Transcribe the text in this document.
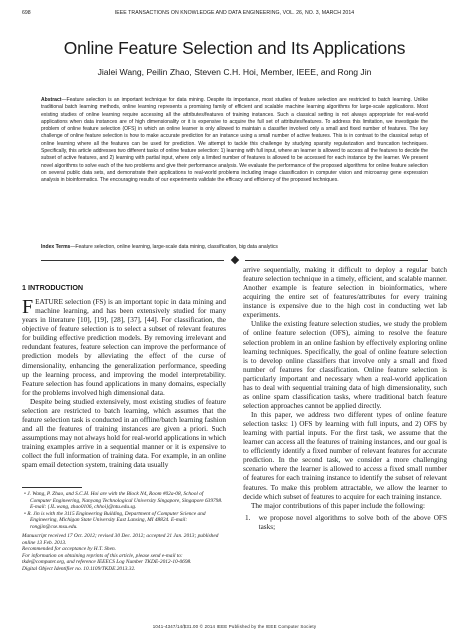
698	IEEE TRANSACTIONS ON KNOWLEDGE AND DATA ENGINEERING, VOL. 26, NO. 3, MARCH 2014
Online Feature Selection and Its Applications
Jialei Wang, Peilin Zhao, Steven C.H. Hoi, Member, IEEE, and Rong Jin
Abstract—Feature selection is an important technique for data mining. Despite its importance, most studies of feature selection are restricted to batch learning. Unlike traditional batch learning methods, online learning represents a promising family of efficient and scalable machine learning algorithms for large-scale applications. Most existing studies of online learning require accessing all the attributes/features of training instances. Such a classical setting is not always appropriate for real-world applications when data instances are of high dimensionality or it is expensive to acquire the full set of attributes/features. To address this limitation, we investigate the problem of online feature selection (OFS) in which an online learner is only allowed to maintain a classifier involved only a small and fixed number of features. The key challenge of online feature selection is how to make accurate prediction for an instance using a small number of active features. This is in contrast to the classical setup of online learning where all the features can be used for prediction. We attempt to tackle this challenge by studying sparsity regularization and truncation techniques. Specifically, this article addresses two different tasks of online feature selection: 1) learning with full input, where an learner is allowed to access all the features to decide the subset of active features, and 2) learning with partial input, where only a limited number of features is allowed to be accessed for each instance by the learner. We present novel algorithms to solve each of the two problems and give their performance analysis. We evaluate the performance of the proposed algorithms for online feature selection on several public data sets, and demonstrate their applications to real-world problems including image classification in computer vision and microarray gene expression analysis in bioinformatics. The encouraging results of our experiments validate the efficacy and efficiency of the proposed techniques.
Index Terms—Feature selection, online learning, large-scale data mining, classification, big data analytics
1 INTRODUCTION

FEATURE selection (FS) is an important topic in data mining and machine learning, and has been extensively studied for many years in literature [10], [19], [28], [37], [44]. For classification, the objective of feature selection is to select a subset of relevant features for building effective prediction models. By removing irrelevant and redundant features, feature selection can improve the performance of prediction models by alleviating the effect of the curse of dimensionality, enhancing the generalization performance, speeding up the learning process, and improving the model interpretability. Feature selection has found applications in many domains, especially for the problems involved high dimensional data.

Despite being studied extensively, most existing studies of feature selection are restricted to batch learning, which assumes that the feature selection task is conducted in an offline/batch learning fashion and all the features of training instances are given a priori. Such assumptions may not always hold for real-world applications in which training examples arrive in a sequential manner or it is expensive to collect the full information of training data. For example, in an online spam email detection system, training data usually

• J. Wang, P. Zhao, and S.C.H. Hoi are with the Block N4, Room #02a-08, School of Computer Engineering, Nanyang Technological University Singapore, Singapore 639798.
E-mail: {JL.wang, zhao0106, chhoi}@ntu.edu.sg.
• R. Jin is with the 3115 Engineering Building, Department of Computer Science and Engineering, Michigan State University East Lansing, MI 48824. E-mail: rongjin@cse.msu.edu.
Manuscript received 17 Oct. 2012; revised 30 Dec. 2012; accepted 21 Jan. 2013; published online 13 Feb. 2013.
Recommended for acceptance by H.T. Shen.
For information on obtaining reprints of this article, please send e-mail to: tkde@computer.org, and reference IEEECS Log Number TKDE-2012-10-0698.
Digital Object Identifier no. 10.1109/TKDE.2013.32.

arrive sequentially, making it difficult to deploy a regular batch feature selection technique in a timely, efficient, and scalable manner. Another example is feature selection in bioinformatics, where acquiring the entire set of features/attributes for every training instance is expensive due to the high cost in conducting wet lab experiments.

Unlike the existing feature selection studies, we study the problem of online feature selection (OFS), aiming to resolve the feature selection problem in an online fashion by effectively exploring online learning techniques. Specifically, the goal of online feature selection is to develop online classifiers that involve only a small and fixed number of features for classification. Online feature selection is particularly important and necessary when a real-world application has to deal with sequential training data of high dimensionality, such as online spam classification tasks, where traditional batch feature selection approaches cannot be applied directly.

In this paper, we address two different types of online feature selection tasks: 1) OFS by learning with full inputs, and 2) OFS by learning with partial inputs. For the first task, we assume that the learner can access all the features of training instances, and our goal is to efficiently identify a fixed number of relevant features for accurate prediction. In the second task, we consider a more challenging scenario where the learner is allowed to access a fixed small number of features for each training instance to identify the subset of relevant features. To make this problem attractable, we allow the learner to decide which subset of features to acquire for each training instance.

The major contributions of this paper include the following:

1.	we propose novel algorithms to solve both of the above OFS tasks;
1041-4347/14/$31.00 © 2014 IEEE Published by the IEEE Computer Society
